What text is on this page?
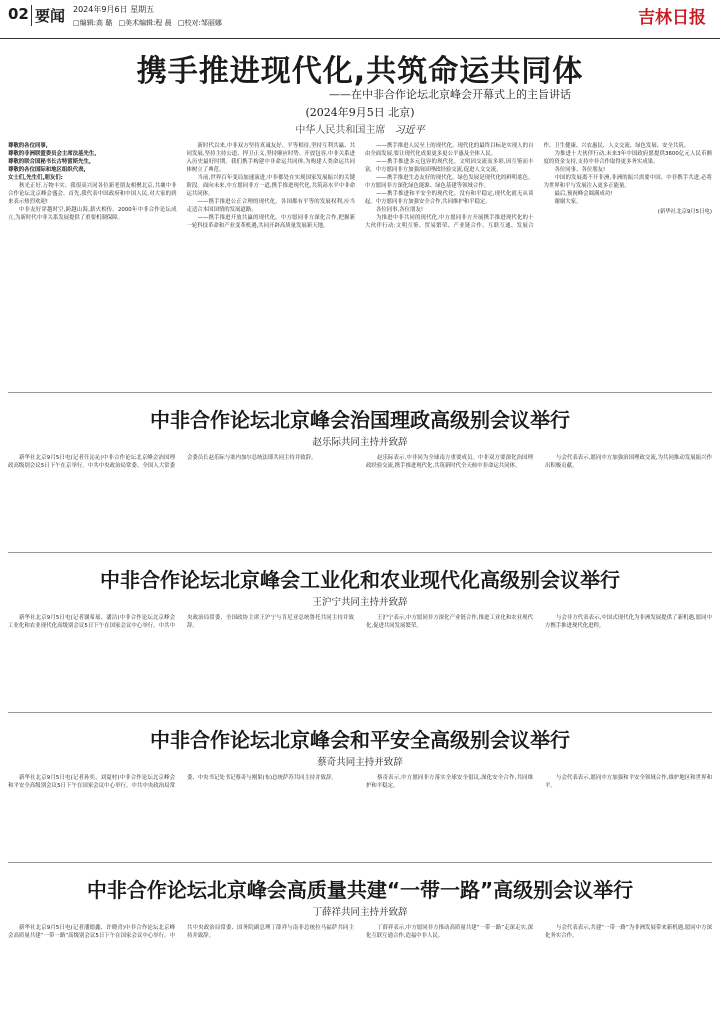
02 要闻 2024年9月6日 星期五
□编辑:高 璐 □美术编辑:程 晨 □校对:邹丽娜	吉林日报
携手推进现代化,共筑命运共同体
——在中非合作论坛北京峰会开幕式上的主旨讲话
(2024年9月5日 北京)
中华人民共和国主席 习近平
尊敬的各位同事,
尊敬的非洲联盟委员会主席法基先生,
尊敬的联合国秘书长古特雷斯先生,
尊敬的各位国际和地区组织代表,
女士们,先生们,朋友们:

秋光正好,万物丰实。我很高兴同各位新老朋友相聚北京,共襄中非合作论坛北京峰会盛会。首先,我代表中国政府和中国人民,对大家的到来表示热烈欢迎!

中非友好穿越时空,跨越山海,薪火相传。2000年中非合作论坛成立,为新时代中非关系发展提供了重要机制保障。

新时代以来,中非双方坚持真诚友好、平等相待,坚持互利共赢、共同发展,坚持主持公道、捍卫正义,坚持顺应时势、开放包容,中非关系进入历史最好时期。我们携手构建中非命运共同体,为构建人类命运共同体树立了典范。

当前,世界百年变局加速演进,中非都处在实现国家发展振兴的关键阶段。面向未来,中方愿同非方一道,携手推进现代化,共筑高水平中非命运共同体。

——携手推进公正合理的现代化。各国都有平等的发展权利,应当走适合本国国情的发展道路。

——携手推进开放共赢的现代化。中方愿同非方深化合作,把握新一轮科技革命和产业变革机遇,共同开辟高质量发展新天地。

——携手推进人民至上的现代化。现代化的最终目标是实现人的自由全面发展,要让现代化成果更多更公平惠及全体人民。

——携手推进多元包容的现代化。文明因交流而多彩,因互鉴而丰富。中方愿同非方加强治国理政经验交流,促进人文交流。

——携手推进生态友好的现代化。绿色发展是现代化的鲜明底色。中方愿同非方深化绿色能源、绿色基建等领域合作。

——携手推进和平安全的现代化。没有和平稳定,现代化就无从谈起。中方愿同非方加强安全合作,共同维护和平稳定。

各位同事,各位朋友!

为推进中非共同的现代化,中方愿同非方开展携手推进现代化的十大伙伴行动:文明互鉴、贸易繁荣、产业链合作、互联互通、发展合作、卫生健康、兴农惠民、人文交流、绿色发展、安全共筑。

为推进十大伙伴行动,未来3年中国政府愿提供3600亿元人民币额度的资金支持,支持中非合作取得更多务实成果。

各位同事、各位朋友!

中国的发展离不开非洲,非洲的振兴需要中国。中非携手共进,必将为世界和平与发展注入更多正能量。

最后,预祝峰会圆满成功!

谢谢大家。

(新华社北京9月5日电)
中非合作论坛北京峰会治国理政高级别会议举行
赵乐际共同主持并致辞

新华社北京9月5日电(记者任沁沁)中非合作论坛北京峰会治国理政高级别会议5日下午在京举行。中共中央政治局常委、全国人大常委会委员长赵乐际与塞内加尔总统法耶共同主持并致辞。	赵乐际表示,中非同为全球南方重要成员。中非双方要深化治国理政经验交流,携手推进现代化,共筑新时代全天候中非命运共同体。

与会代表表示,愿同中方加强治国理政交流,为共同推动发展振兴作出积极贡献。

中非合作论坛北京峰会工业化和农业现代化高级别会议举行
王沪宁共同主持并致辞

新华社北京9月5日电(记者谢希瑶、潘洁)中非合作论坛北京峰会工业化和农业现代化高级别会议5日下午在国家会议中心举行。中共中央政治局常委、全国政协主席王沪宁与肯尼亚总统鲁托共同主持并致辞。

王沪宁表示,中方愿同非方深化产业链合作,推进工业化和农业现代化,促进共同发展繁荣。

与会非方代表表示,中国式现代化为非洲发展提供了新机遇,愿同中方携手推进现代化进程。

中非合作论坛北京峰会和平安全高级别会议举行
蔡奇共同主持并致辞

新华社北京9月5日电(记者孙奕、刘夏村)中非合作论坛北京峰会和平安全高级别会议5日下午在国家会议中心举行。中共中央政治局常委、中央书记处书记蔡奇与刚果(布)总统萨苏共同主持并致辞。	蔡奇表示,中方愿同非方落实全球安全倡议,深化安全合作,共同维护和平稳定。

与会代表表示,愿同中方加强和平安全领域合作,维护地区和世界和平。

中非合作论坛北京峰会高质量共建“一带一路”高级别会议举行
丁薛祥共同主持并致辞

新华社北京9月5日电(记者潘德鑫、许晓青)中非合作论坛北京峰会高质量共建“一带一路”高级别会议5日下午在国家会议中心举行。中共中央政治局常委、国务院副总理丁薛祥与南非总统拉马福萨共同主持并致辞。

丁薛祥表示,中方愿同非方推动高质量共建“一带一路”走深走实,深化互联互通合作,造福中非人民。

与会代表表示,共建“一带一路”为非洲发展带来新机遇,愿同中方深化务实合作。
